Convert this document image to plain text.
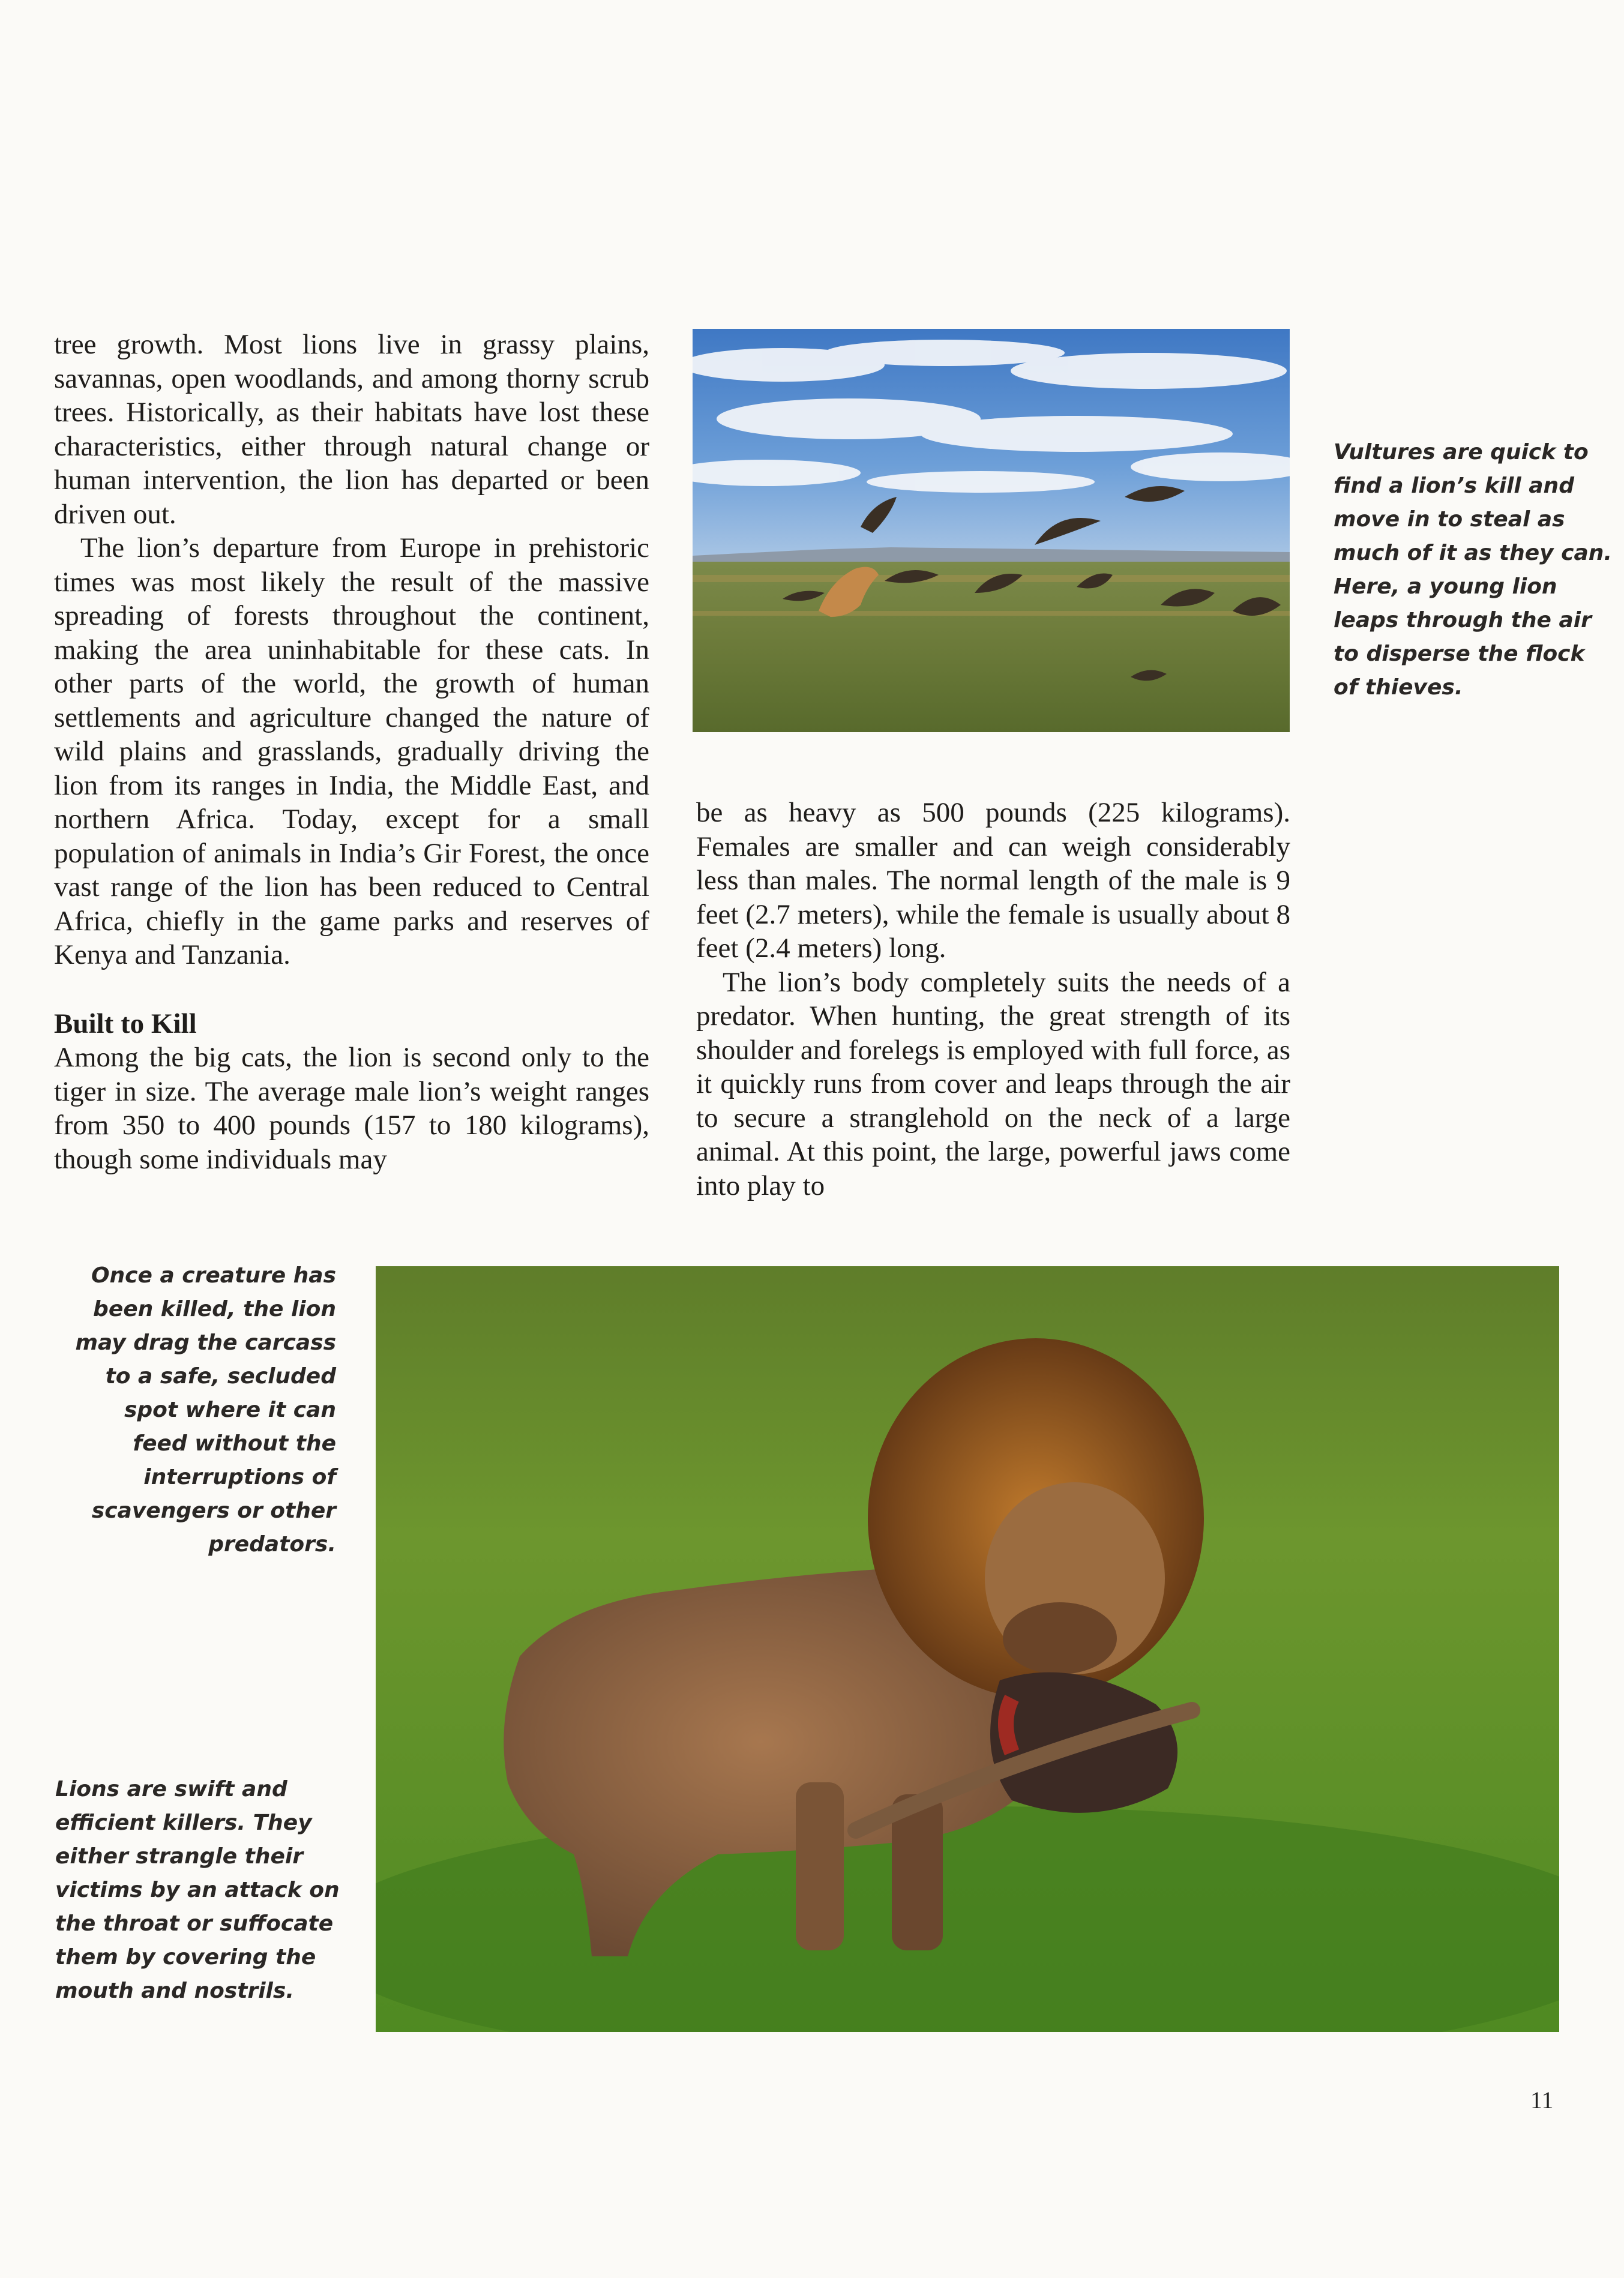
tree growth. Most lions live in grassy plains, savannas, open woodlands, and among thorny scrub trees. Historically, as their habitats have lost these characteristics, either through natural change or human intervention, the lion has departed or been driven out.

The lion’s departure from Europe in prehistoric times was most likely the result of the massive spreading of forests throughout the continent, making the area uninhabitable for these cats. In other parts of the world, the growth of human settlements and agriculture changed the nature of wild plains and grasslands, gradually driving the lion from its ranges in India, the Middle East, and northern Africa. Today, except for a small population of animals in India’s Gir Forest, the once vast range of the lion has been reduced to Central Africa, chiefly in the game parks and reserves of Kenya and Tanzania.

Built to Kill

Among the big cats, the lion is second only to the tiger in size. The average male lion’s weight ranges from 350 to 400 pounds (157 to 180 kilograms), though some individuals may

be as heavy as 500 pounds (225 kilograms). Females are smaller and can weigh considerably less than males. The normal length of the male is 9 feet (2.7 meters), while the female is usually about 8 feet (2.4 meters) long.

The lion’s body completely suits the needs of a predator. When hunting, the great strength of its shoulder and forelegs is employed with full force, as it quickly runs from cover and leaps through the air to secure a stranglehold on the neck of a large animal. At this point, the large, powerful jaws come into play to

Vultures are quick to find a lion’s kill and move in to steal as much of it as they can. Here, a young lion leaps through the air to disperse the flock of thieves.
Once a creature has been killed, the lion may drag the carcass to a safe, secluded spot where it can feed without the interruptions of scavengers or other predators.
Lions are swift and efficient killers. They either strangle their victims by an attack on the throat or suffocate them by covering the mouth and nostrils.
11
